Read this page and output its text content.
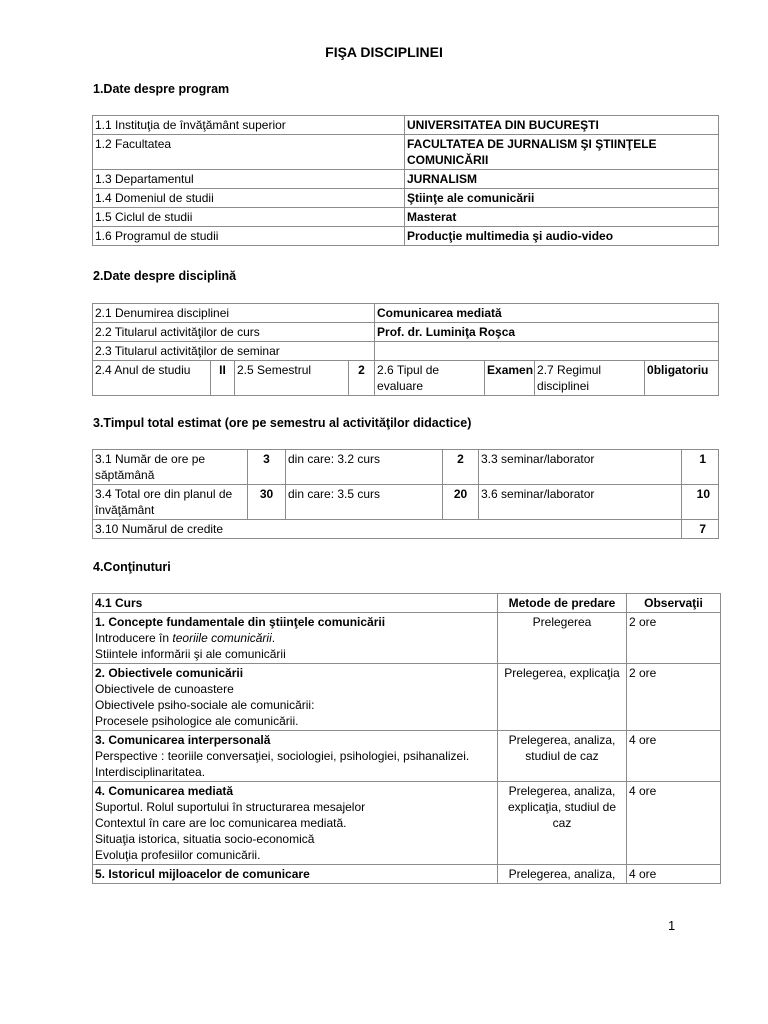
FIŞA DISCIPLINEI
1.Date despre program
1.1 Instituţia de învăţământ superior	UNIVERSITATEA DIN BUCUREŞTI
1.2 Facultatea	FACULTATEA DE JURNALISM ŞI ŞTIINŢELE COMUNICĂRII
1.3 Departamentul	JURNALISM
1.4 Domeniul de studii	Ştiinţe ale comunicării
1.5 Ciclul de studii	Masterat
1.6 Programul de studii	Producţie multimedia şi audio-video
2.Date despre disciplină
2.1 Denumirea disciplinei				Comunicarea mediată			
2.2 Titularul activităţilor de curs				Prof. dr. Luminiţa Roşca			
2.3 Titularul activităţilor de seminar							
2.4 Anul de studiu	II	2.5 Semestrul	2	2.6 Tipul de evaluare	Examen	2.7 Regimul disciplinei	0bligatoriu
3.Timpul total estimat (ore pe semestru al activităţilor didactice)
3.1 Număr de ore pe săptămână	3	din care: 3.2 curs	2	3.3 seminar/laborator	1
3.4 Total ore din planul de învăţământ	30	din care: 3.5 curs	20	3.6 seminar/laborator	10
3.10 Numărul de credite					7
4.Conţinuturi
4.1 Curs	Metode de predare	Observaţii

1. Concepte fundamentale din ştiinţele comunicării
Introducere în teoriile comunicării.
Stiintele informării şi ale comunicării	Prelegerea	2 ore

2. Obiectivele comunicării
Obiectivele de cunoastere
Obiectivele psiho-sociale ale comunicării:
Procesele psihologice ale comunicării.	Prelegerea, explicaţia	2 ore

3. Comunicarea interpersonală
Perspective : teoriile conversaţiei, sociologiei, psihologiei, psihanalizei.
Interdisciplinaritatea.	Prelegerea, analiza, studiul de caz	4 ore

4. Comunicarea mediată
Suportul. Rolul suportului în structurarea mesajelor
Contextul în care are loc comunicarea mediată.
Situaţia istorica, situatia socio-economică
Evoluţia profesiilor comunicării.	Prelegerea, analiza, explicaţia, studiul de caz	4 ore

5. Istoricul mijloacelor de comunicare	Prelegerea, analiza,	4 ore
1
